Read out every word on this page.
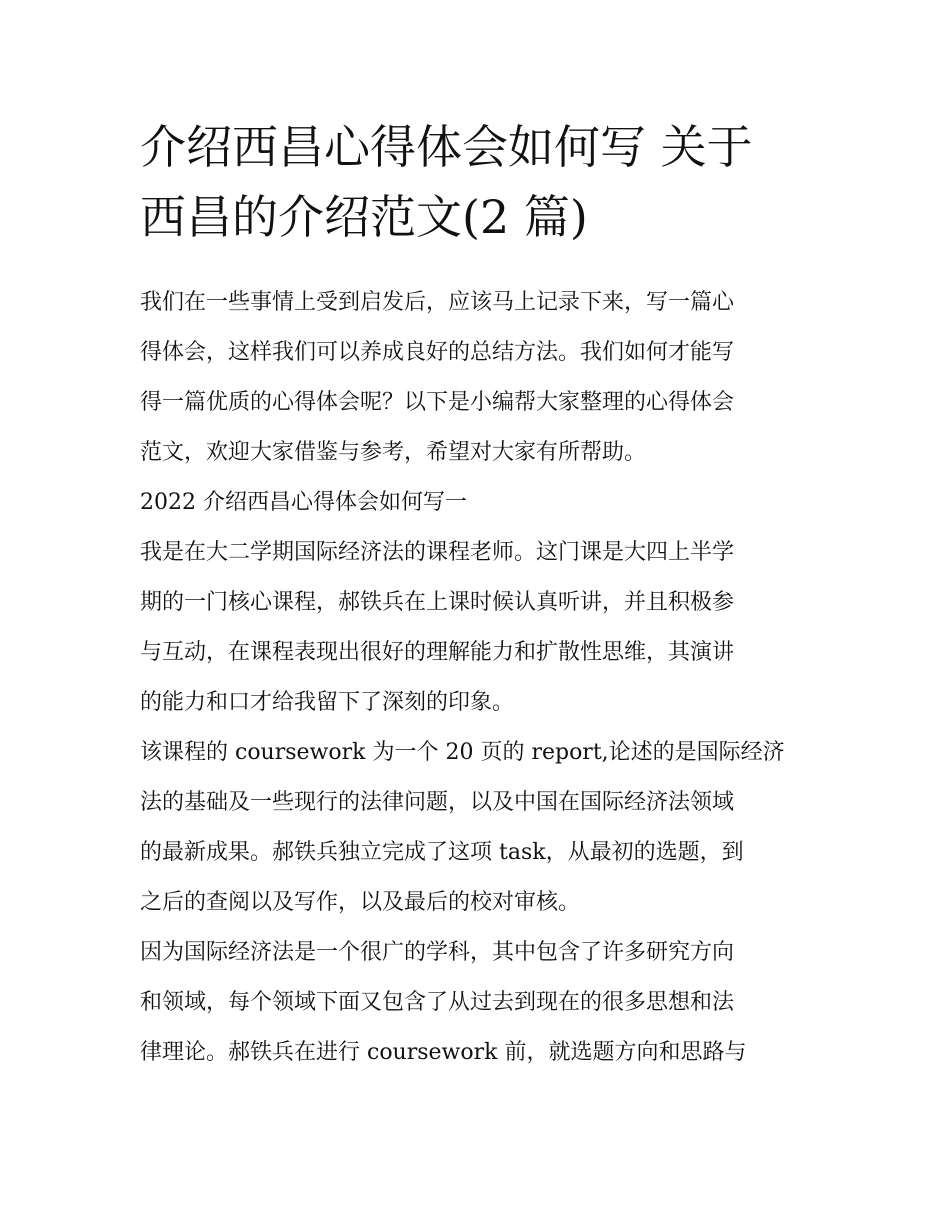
介绍西昌心得体会如何写 关于
西昌的介绍范文(2 篇)

我们在一些事情上受到启发后，应该马上记录下来，写一篇心
得体会，这样我们可以养成良好的总结方法。我们如何才能写
得一篇优质的心得体会呢？以下是小编帮大家整理的心得体会
范文，欢迎大家借鉴与参考，希望对大家有所帮助。

2022 介绍西昌心得体会如何写一

我是在大二学期国际经济法的课程老师。这门课是大四上半学
期的一门核心课程，郝铁兵在上课时候认真听讲，并且积极参
与互动，在课程表现出很好的理解能力和扩散性思维，其演讲
的能力和口才给我留下了深刻的印象。

该课程的 coursework 为一个 20 页的 report,论述的是国际经济
法的基础及一些现行的法律问题，以及中国在国际经济法领域
的最新成果。郝铁兵独立完成了这项 task，从最初的选题，到
之后的查阅以及写作，以及最后的校对审核。

因为国际经济法是一个很广的学科，其中包含了许多研究方向
和领域，每个领域下面又包含了从过去到现在的很多思想和法
律理论。郝铁兵在进行 coursework 前，就选题方向和思路与
